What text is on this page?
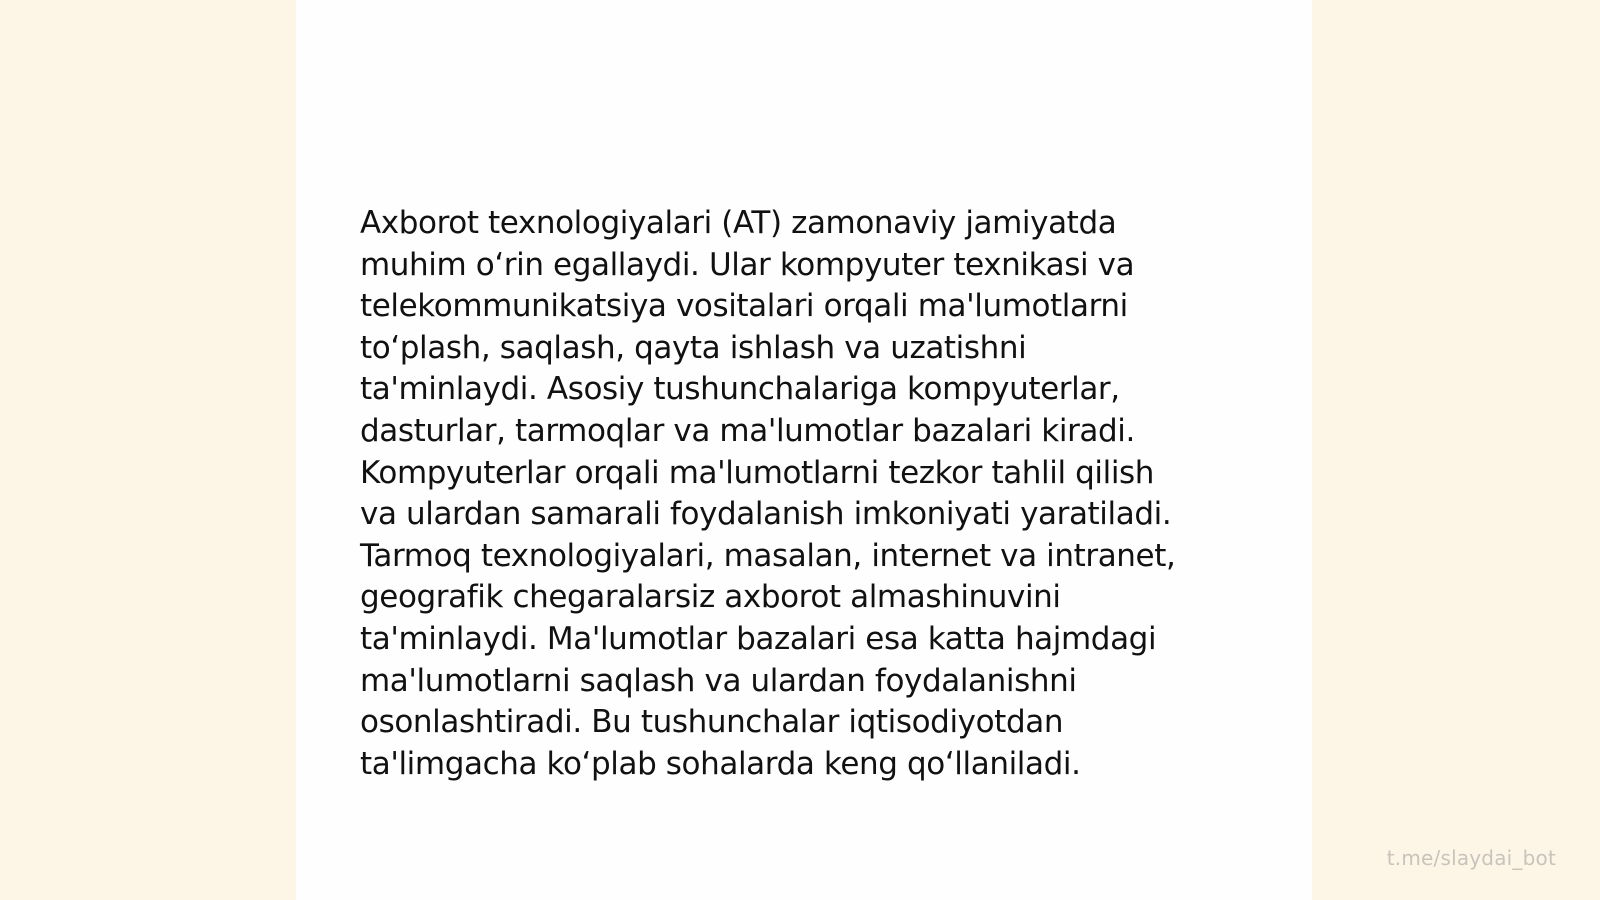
Axborot texnologiyalari (AT) zamonaviy jamiyatda
muhim o‘rin egallaydi. Ular kompyuter texnikasi va
telekommunikatsiya vositalari orqali ma'lumotlarni
to‘plash, saqlash, qayta ishlash va uzatishni
ta'minlaydi. Asosiy tushunchalariga kompyuterlar,
dasturlar, tarmoqlar va ma'lumotlar bazalari kiradi.
Kompyuterlar orqali ma'lumotlarni tezkor tahlil qilish
va ulardan samarali foydalanish imkoniyati yaratiladi.
Tarmoq texnologiyalari, masalan, internet va intranet,
geografik chegaralarsiz axborot almashinuvini
ta'minlaydi. Ma'lumotlar bazalari esa katta hajmdagi
ma'lumotlarni saqlash va ulardan foydalanishni
osonlashtiradi. Bu tushunchalar iqtisodiyotdan
ta'limgacha ko‘plab sohalarda keng qo‘llaniladi.

t.me/slaydai_bot
